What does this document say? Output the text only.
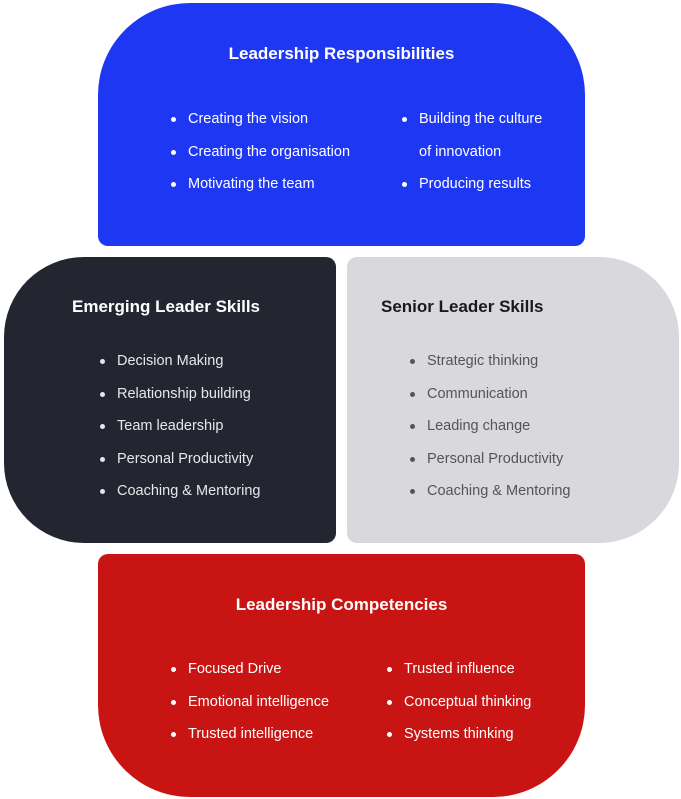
Leadership Responsibilities
Creating the vision
Creating the organisation
Motivating the team
Building the culture
of innovation
Producing results
Emerging Leader Skills
Decision Making
Relationship building
Team leadership
Personal Productivity
Coaching & Mentoring
Senior Leader Skills
Strategic thinking
Communication
Leading change
Personal Productivity
Coaching & Mentoring
Leadership Competencies
Focused Drive
Emotional intelligence
Trusted intelligence
Trusted influence
Conceptual thinking
Systems thinking
